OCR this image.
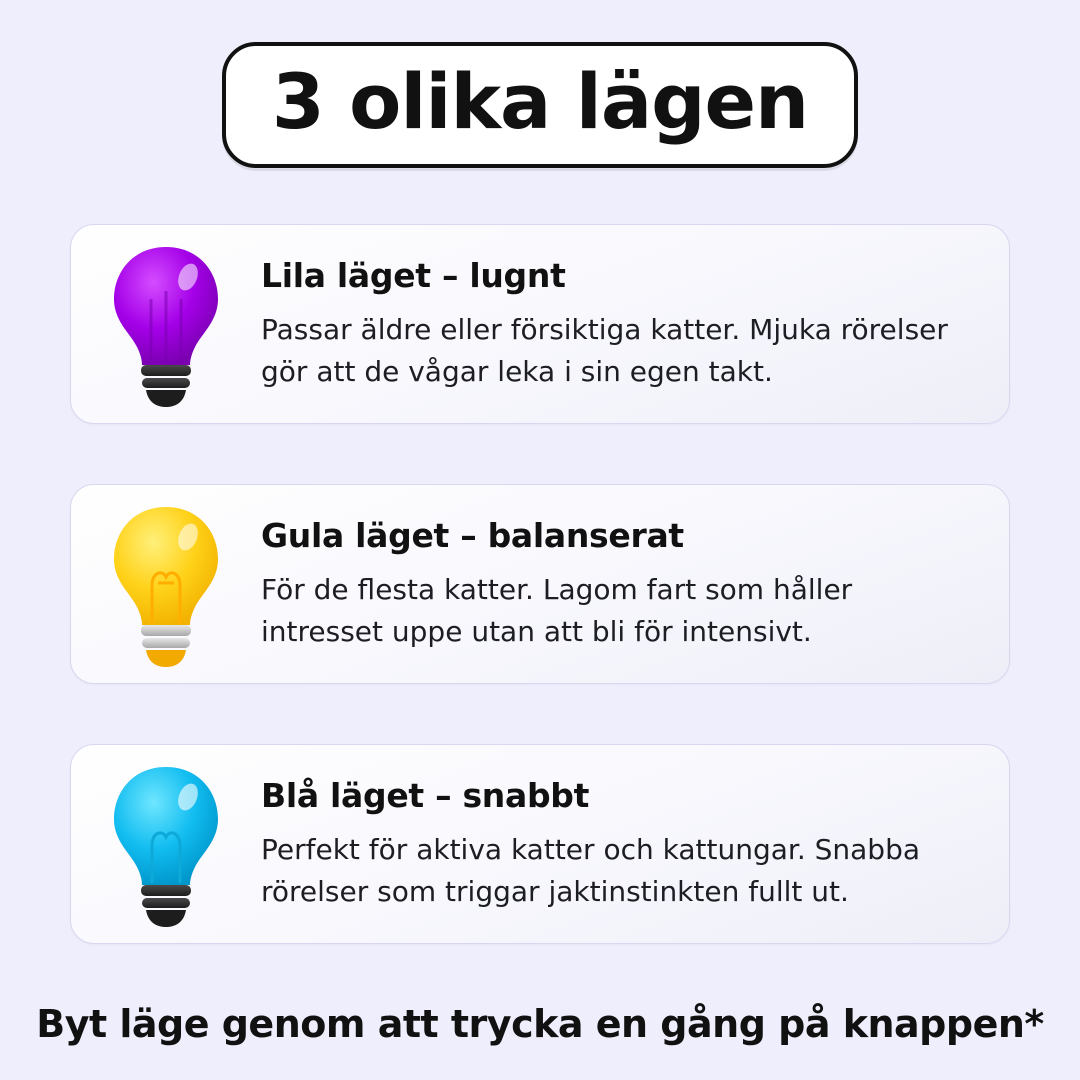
3 olika lägen

Lila läget – lugnt

Passar äldre eller försiktiga katter. Mjuka rörelser gör att de vågar leka i sin egen takt.

Gula läget – balanserat

För de flesta katter. Lagom fart som håller intresset uppe utan att bli för intensivt.

Blå läget – snabbt

Perfekt för aktiva katter och kattungar. Snabba rörelser som triggar jaktinstinkten fullt ut.

Byt läge genom att trycka en gång på knappen*
